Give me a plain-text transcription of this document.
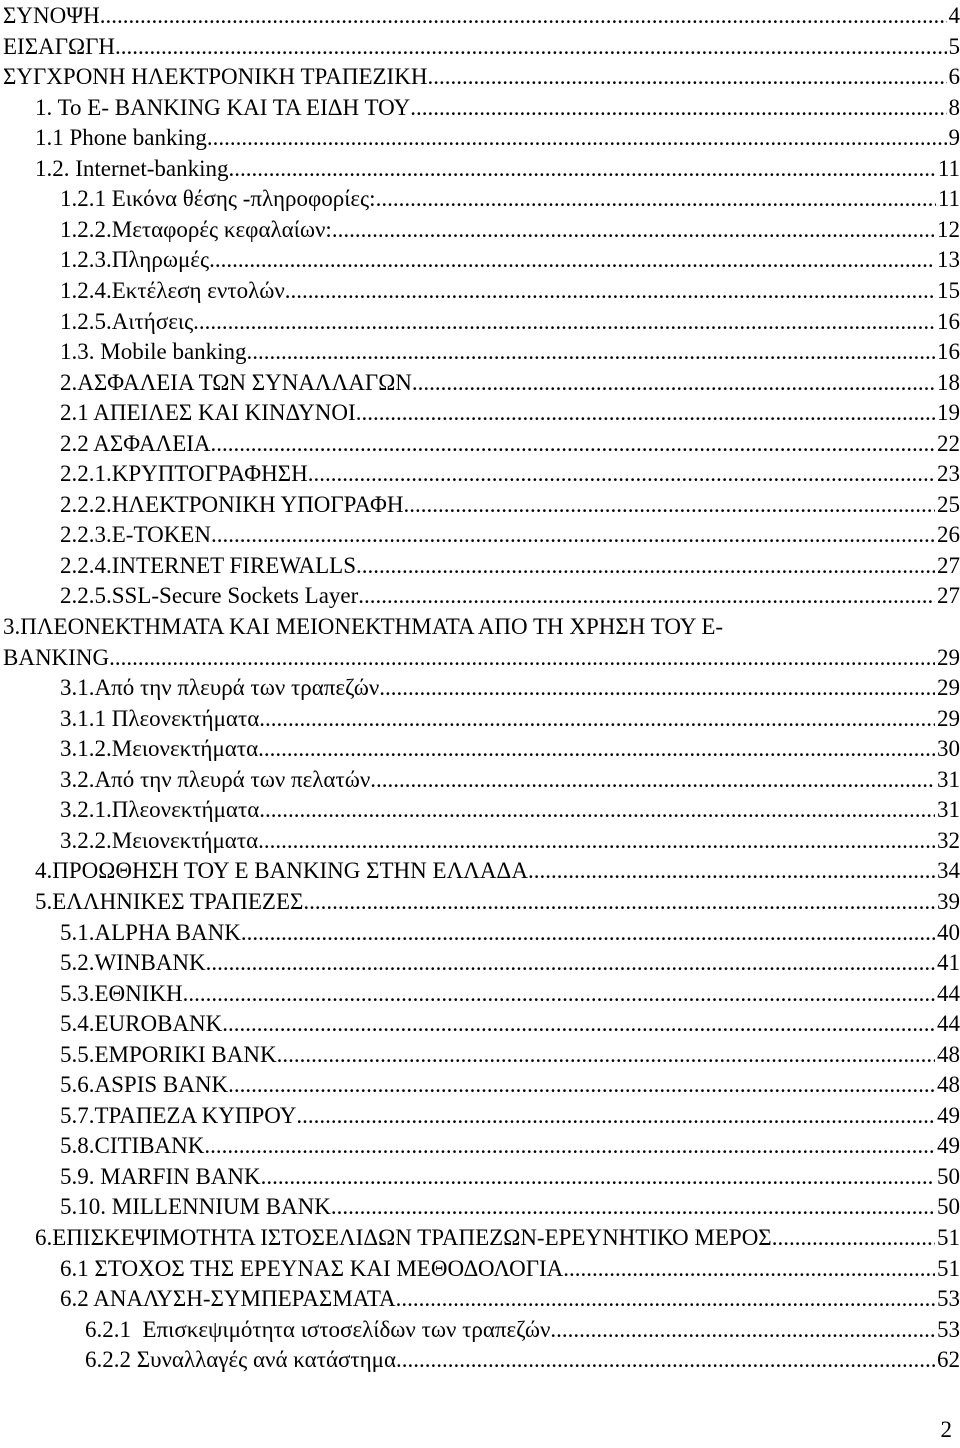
ΣΥΝΟΨΗ .....	4
ΕΙΣΑΓΩΓΗ .....	5
ΣΥΓΧΡΟΝΗ ΗΛΕΚΤΡΟΝΙΚΗ ΤΡΑΠΕΖΙΚΗ .....	6
1. To E- BANKING KAI TA ΕΙΔΗ ΤΟΥ .....	8
1.1 Phone banking .....	9
1.2. Internet-banking .....	11
1.2.1 Εικόνα θέσης -πληροφορίες: .....	11
1.2.2.Μεταφορές κεφαλαίων: .....	12
1.2.3.Πληρωμές .....	13
1.2.4.Εκτέλεση εντολών .....	15
1.2.5.Αιτήσεις .....	16
1.3. Mobile banking .....	16
2.ΑΣΦΑΛΕΙΑ ΤΩΝ ΣΥΝΑΛΛΑΓΩΝ .....	18
2.1 ΑΠΕΙΛΕΣ ΚΑΙ ΚΙΝΔΥΝΟΙ .....	19
2.2 ΑΣΦΑΛΕΙΑ .....	22
2.2.1.ΚΡΥΠΤΟΓΡΑΦΗΣΗ .....	23
2.2.2.ΗΛΕΚΤΡΟΝΙΚΗ ΥΠΟΓΡΑΦΗ .....	25
2.2.3.E-TOKEN .....	26
2.2.4.INTERNET FIREWALLS .....	27
2.2.5.SSL-Secure Sockets Layer .....	27
3.ΠΛΕΟΝΕΚΤΗΜΑΤΑ ΚΑΙ ΜΕΙΟΝΕΚΤΗΜΑΤΑ ΑΠΟ ΤΗ ΧΡΗΣΗ ΤΟΥ Ε-
BANKING .....	29
3.1.Από την πλευρά των τραπεζών .....	29
3.1.1 Πλεονεκτήματα .....	29
3.1.2.Μειονεκτήματα .....	30
3.2.Από την πλευρά των πελατών .....	31
3.2.1.Πλεονεκτήματα .....	31
3.2.2.Μειονεκτήματα .....	32
4.ΠΡΟΩΘΗΣΗ ΤΟΥ Ε BANKING ΣΤΗΝ ΕΛΛΑΔΑ .....	34
5.ΕΛΛΗΝΙΚΕΣ ΤΡΑΠΕΖΕΣ .....	39
5.1.ALPHA BANK .....	40
5.2.WINBANK .....	41
5.3.ΕΘΝΙΚΗ .....	44
5.4.EUROBANK .....	44
5.5.EMPORIKI BANK .....	48
5.6.ASPIS BANK .....	48
5.7.ΤΡΑΠΕΖΑ ΚΥΠΡΟΥ .....	49
5.8.CITIBANK .....	49
5.9. MARFIN BANK .....	50
5.10. MILLENNIUM BANK .....	50
6.ΕΠΙΣΚΕΨΙΜΟΤΗΤΑ ΙΣΤΟΣΕΛΙΔΩΝ ΤΡΑΠΕΖΩΝ-ΕΡΕΥΝΗΤΙΚΟ ΜΕΡΟΣ .....	51
6.1 ΣΤΟΧΟΣ ΤΗΣ ΕΡΕΥΝΑΣ ΚΑΙ ΜΕΘΟΔΟΛΟΓΙΑ .....	51
6.2 ΑΝΑΛΥΣΗ-ΣΥΜΠΕΡΑΣΜΑΤΑ .....	53
6.2.1  Επισκεψιμότητα ιστοσελίδων των τραπεζών .....	53
6.2.2 Συναλλαγές ανά κατάστημα .....	62
2
